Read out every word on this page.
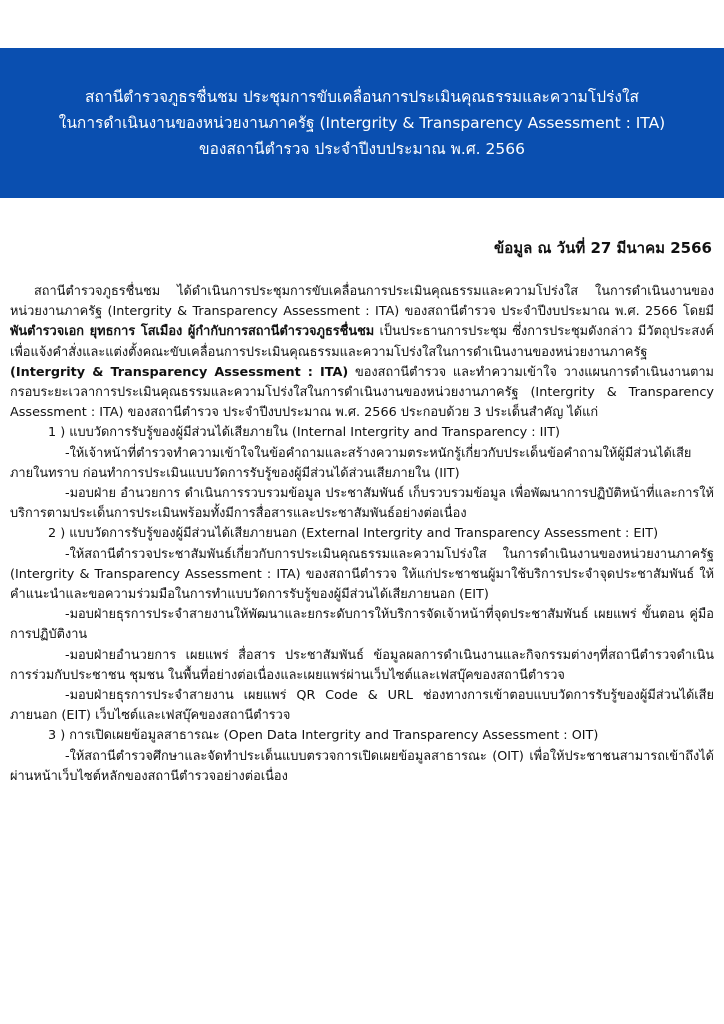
สถานีตำรวจภูธรชื่นชม ประชุมการขับเคลื่อนการประเมินคุณธรรมและความโปร่งใส
ในการดำเนินงานของหน่วยงานภาครัฐ (Intergrity & Transparency Assessment : ITA)
ของสถานีตำรวจ ประจำปีงบประมาณ พ.ศ. 2566
ข้อมูล ณ วันที่ 27 มีนาคม 2566

สถานีตำรวจภูธรชื่นชม ได้ดำเนินการประชุมการขับเคลื่อนการประเมินคุณธรรมและความโปร่งใส ในการดำเนินงานของหน่วยงานภาครัฐ (Intergrity & Transparency Assessment : ITA) ของสถานีตำรวจ ประจำปีงบประมาณ พ.ศ. 2566 โดยมี พันตำรวจเอก ยุทธการ โสเมือง ผู้กำกับการสถานีตำรวจภูธรชื่นชม เป็นประธานการประชุม ซึ่งการประชุมดังกล่าว มีวัตถุประสงค์เพื่อแจ้งคำสั่งและแต่งตั้งคณะขับเคลื่อนการประเมินคุณธรรมและความโปร่งใสในการดำเนินงานของหน่วยงานภาครัฐ (Intergrity & Transparency Assessment : ITA) ของสถานีตำรวจ และทำความเข้าใจ วางแผนการดำเนินงานตามกรอบระยะเวลาการประเมินคุณธรรมและความโปร่งใสในการดำเนินงานของหน่วยงานภาครัฐ (Intergrity & Transparency Assessment : ITA) ของสถานีตำรวจ ประจำปีงบประมาณ พ.ศ. 2566 ประกอบด้วย 3 ประเด็นสำคัญ ได้แก่

1 ) แบบวัดการรับรู้ของผู้มีส่วนได้เสียภายใน (Internal Intergrity and Transparency : IIT)

-ให้เจ้าหน้าที่ตำรวจทำความเข้าใจในข้อคำถามและสร้างความตระหนักรู้เกี่ยวกับประเด็นข้อคำถามให้ผู้มีส่วนได้เสียภายในทราบ ก่อนทำการประเมินแบบวัดการรับรู้ของผู้มีส่วนได้ส่วนเสียภายใน (IIT)

-มอบฝ่าย อำนวยการ ดำเนินการรวบรวมข้อมูล ประชาสัมพันธ์ เก็บรวบรวมข้อมูล เพื่อพัฒนาการปฏิบัติหน้าที่และการให้บริการตามประเด็นการประเมินพร้อมทั้งมีการสื่อสารและประชาสัมพันธ์อย่างต่อเนื่อง

2 ) แบบวัดการรับรู้ของผู้มีส่วนได้เสียภายนอก (External Intergrity and Transparency Assessment : EIT)

-ให้สถานีตำรวจประชาสัมพันธ์เกี่ยวกับการประเมินคุณธรรมและความโปร่งใส ในการดำเนินงานของหน่วยงานภาครัฐ (Intergrity & Transparency Assessment : ITA) ของสถานีตำรวจ ให้แก่ประชาชนผู้มาใช้บริการประจำจุดประชาสัมพันธ์ ให้คำแนะนำและขอความร่วมมือในการทำแบบวัดการรับรู้ของผู้มีส่วนได้เสียภายนอก (EIT)

-มอบฝ่ายธุรการประจำสายงานให้พัฒนาและยกระดับการให้บริการจัดเจ้าหน้าที่จุดประชาสัมพันธ์ เผยแพร่ ขั้นตอน คู่มือการปฏิบัติงาน

-มอบฝ่ายอำนวยการ เผยแพร่ สื่อสาร ประชาสัมพันธ์ ข้อมูลผลการดำเนินงานและกิจกรรมต่างๆที่สถานีตำรวจดำเนินการร่วมกับประชาชน ชุมชน ในพื้นที่อย่างต่อเนื่องและเผยแพร่ผ่านเว็บไซต์และเฟสบุ๊คของสถานีตำรวจ

-มอบฝ่ายธุรการประจำสายงาน เผยแพร่ QR Code & URL ช่องทางการเข้าตอบแบบวัดการรับรู้ของผู้มีส่วนได้เสียภายนอก (EIT) เว็บไซต์และเฟสบุ๊คของสถานีตำรวจ

3 ) การเปิดเผยข้อมูลสาธารณะ (Open Data Intergrity and Transparency Assessment : OIT)

-ให้สถานีตำรวจศึกษาและจัดทำประเด็นแบบตรวจการเปิดเผยข้อมูลสาธารณะ (OIT) เพื่อให้ประชาชนสามารถเข้าถึงได้ผ่านหน้าเว็บไซต์หลักของสถานีตำรวจอย่างต่อเนื่อง
